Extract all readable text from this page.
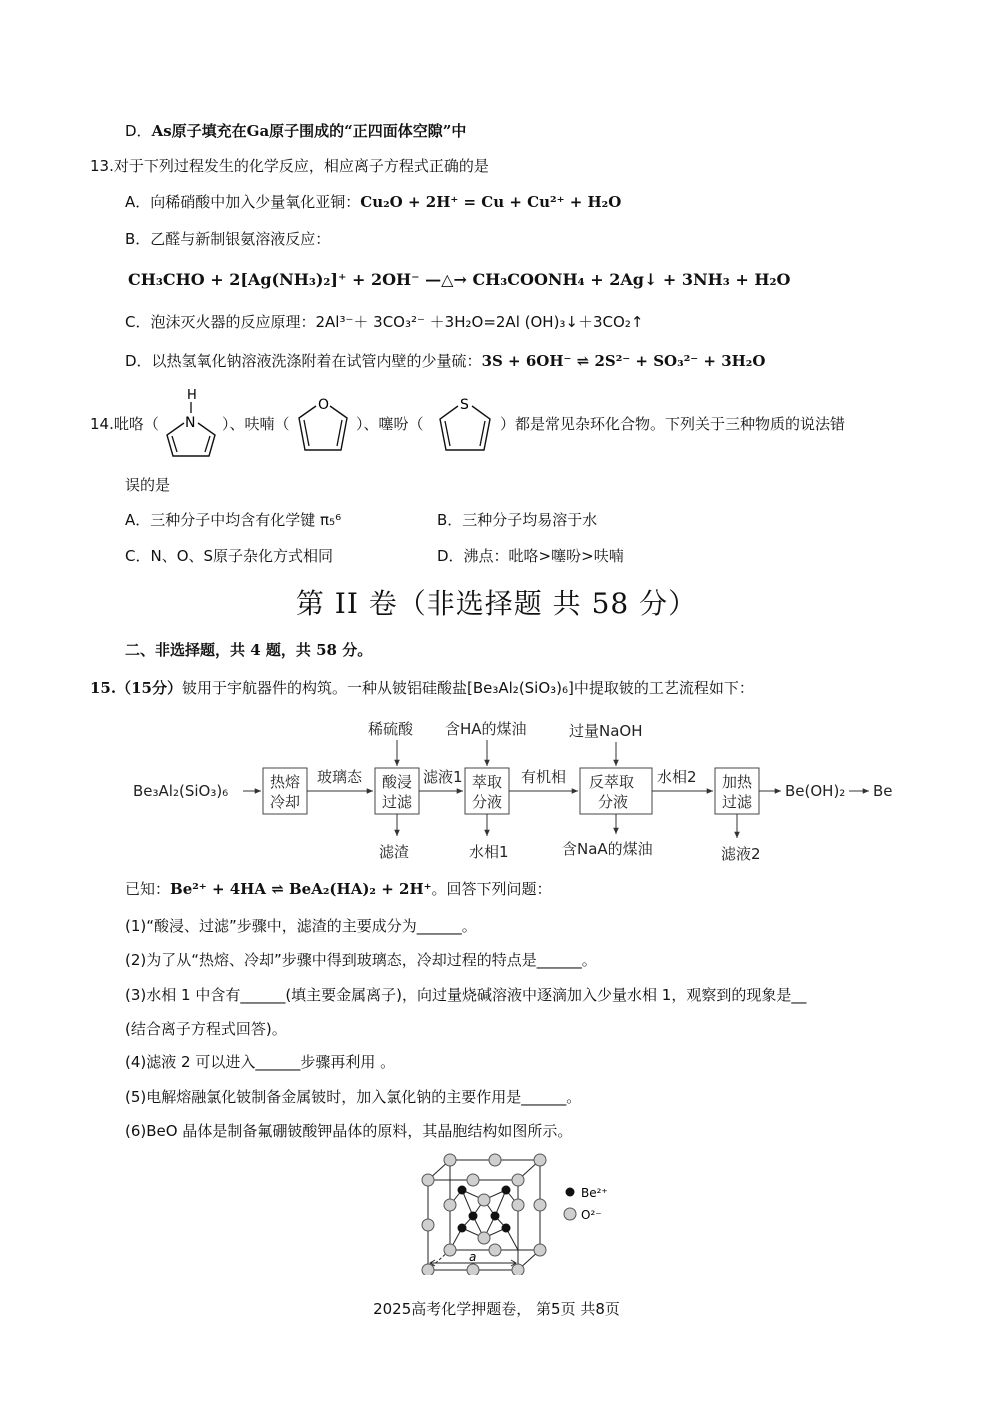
D．As原子填充在Ga原子围成的“正四面体空隙”中
13.对于下列过程发生的化学反应，相应离子方程式正确的是
A．向稀硝酸中加入少量氧化亚铜：Cu₂O + 2H⁺ = Cu + Cu²⁺ + H₂O
B．乙醛与新制银氨溶液反应：
CH₃CHO + 2[Ag(NH₃)₂]⁺ + 2OH⁻ —△→ CH₃COONH₄ + 2Ag↓ + 3NH₃ + H₂O
C．泡沫灭火器的反应原理：2Al³⁻＋ 3CO₃²⁻ ＋3H₂O=2Al (OH)₃↓＋3CO₂↑
D．以热氢氧化钠溶液洗涤附着在试管内壁的少量硫：3S + 6OH⁻ ⇌ 2S²⁻ + SO₃²⁻ + 3H₂O
14.吡咯（
H
N ）、呋喃（
O
）、噻吩（
S
）都是常见杂环化合物。下列关于三种物质的说法错
误的是
A．三种分子中均含有化学键 π₅⁶	B．三种分子均易溶于水
C．N、O、S原子杂化方式相同	D．沸点：吡咯>噻吩>呋喃
第 II 卷（非选择题 共 58 分）
二、非选择题，共 4 题，共 58 分。
15.（15分）铍用于宇航器件的构筑。一种从铍铝硅酸盐[Be₃Al₂(SiO₃)₆]中提取铍的工艺流程如下：
Be₃Al₂(SiO₃)₆	热熔
冷却
玻璃态 酸浸
过滤
稀硫酸
滤渣
滤液1 萃取
分液
含HA的煤油
水相1
有机相 反萃取
分液
过量NaOH
含NaA的煤油
水相2 加热
过滤
滤液2
Be(OH)₂ Be
已知：Be²⁺ + 4HA ⇌ BeA₂(HA)₂ + 2H⁺。回答下列问题：
(1)“酸浸、过滤”步骤中，滤渣的主要成分为______。
(2)为了从“热熔、冷却”步骤中得到玻璃态，冷却过程的特点是______。
(3)水相 1 中含有______(填主要金属离子)，向过量烧碱溶液中逐滴加入少量水相 1，观察到的现象是__
(结合离子方程式回答)。
(4)滤液 2 可以进入______步骤再利用 。
(5)电解熔融氯化铍制备金属铍时，加入氯化钠的主要作用是______。
(6)BeO 晶体是制备氟硼铍酸钾晶体的原料，其晶胞结构如图所示。
a
Be²⁺
O²⁻
2025高考化学押题卷， 第5页 共8页
